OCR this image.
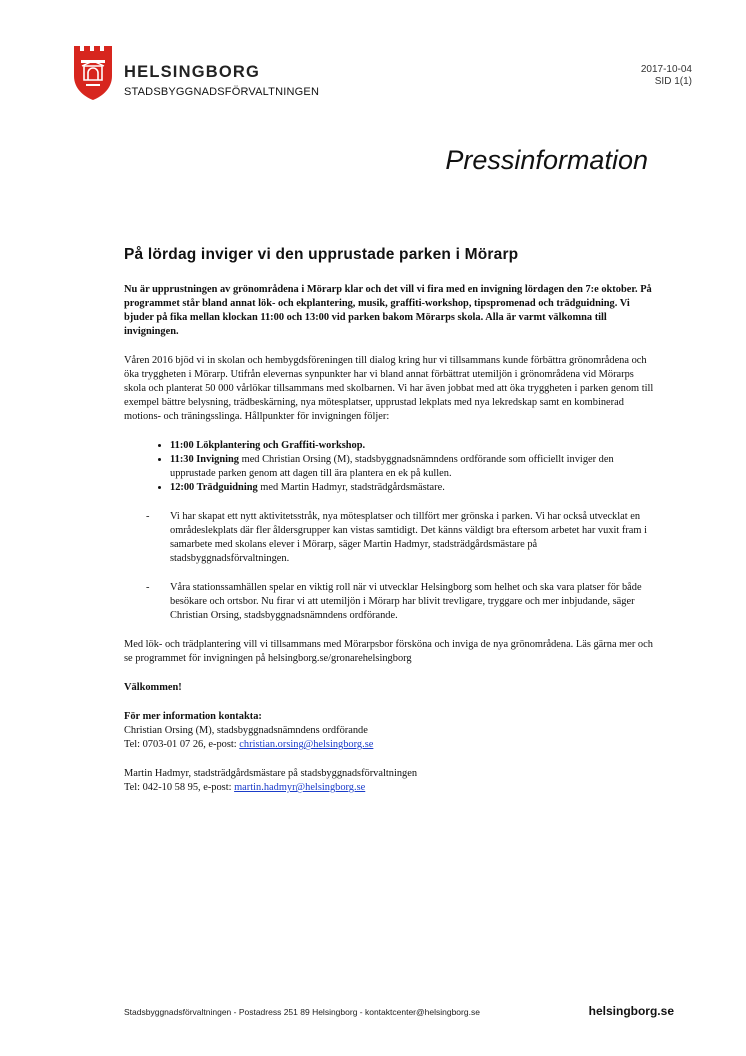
HELSINGBORG
STADSBYGGNADSFÖRVALTNINGEN
2017-10-04
SID 1(1)
Pressinformation
På lördag inviger vi den upprustade parken i Mörarp

Nu är upprustningen av grönområdena i Mörarp klar och det vill vi fira med en invigning lördagen den 7:e oktober. På programmet står bland annat lök- och ekplantering, musik, graffiti-workshop, tipspromenad och trädguidning. Vi bjuder på fika mellan klockan 11:00 och 13:00 vid parken bakom Mörarps skola. Alla är varmt välkomna till invigningen.

Våren 2016 bjöd vi in skolan och hembygdsföreningen till dialog kring hur vi tillsammans kunde förbättra grönområdena och öka tryggheten i Mörarp. Utifrån elevernas synpunkter har vi bland annat förbättrat utemiljön i grönområdena vid Mörarps skola och planterat 50 000 vårlökar tillsammans med skolbarnen. Vi har även jobbat med att öka tryggheten i parken genom till exempel bättre belysning, trädbeskärning, nya mötesplatser, upprustad lekplats med nya lekredskap samt en kombinerad motions- och träningsslinga. Hållpunkter för invigningen följer:

• 11:00 Lökplantering och Graffiti-workshop.
• 11:30 Invigning med Christian Orsing (M), stadsbyggnadsnämndens ordförande som officiellt inviger den upprustade parken genom att dagen till ära plantera en ek på kullen.
• 12:00 Trädguidning med Martin Hadmyr, stadsträdgårdsmästare.
- Vi har skapat ett nytt aktivitetsstråk, nya mötesplatser och tillfört mer grönska i parken. Vi har också utvecklat en områdeslekplats där fler åldersgrupper kan vistas samtidigt. Det känns väldigt bra eftersom arbetet har vuxit fram i samarbete med skolans elever i Mörarp, säger Martin Hadmyr, stadsträdgårdsmästare på stadsbyggnadsförvaltningen.
- Våra stationssamhällen spelar en viktig roll när vi utvecklar Helsingborg som helhet och ska vara platser för både besökare och ortsbor. Nu firar vi att utemiljön i Mörarp har blivit trevligare, tryggare och mer inbjudande, säger Christian Orsing, stadsbyggnadsnämndens ordförande.

Med lök- och trädplantering vill vi tillsammans med Mörarpsbor försköna och inviga de nya grönområdena. Läs gärna mer och se programmet för invigningen på helsingborg.se/gronarehelsingborg

Välkommen!

För mer information kontakta:
Christian Orsing (M), stadsbyggnadsnämndens ordförande
Tel: 0703-01 07 26, e-post: christian.orsing@helsingborg.se
Martin Hadmyr, stadsträdgårdsmästare på stadsbyggnadsförvaltningen
Tel: 042-10 58 95, e-post: martin.hadmyr@helsingborg.se
Stadsbyggnadsförvaltningen - Postadress 251 89 Helsingborg - kontaktcenter@helsingborg.se	helsingborg.se
